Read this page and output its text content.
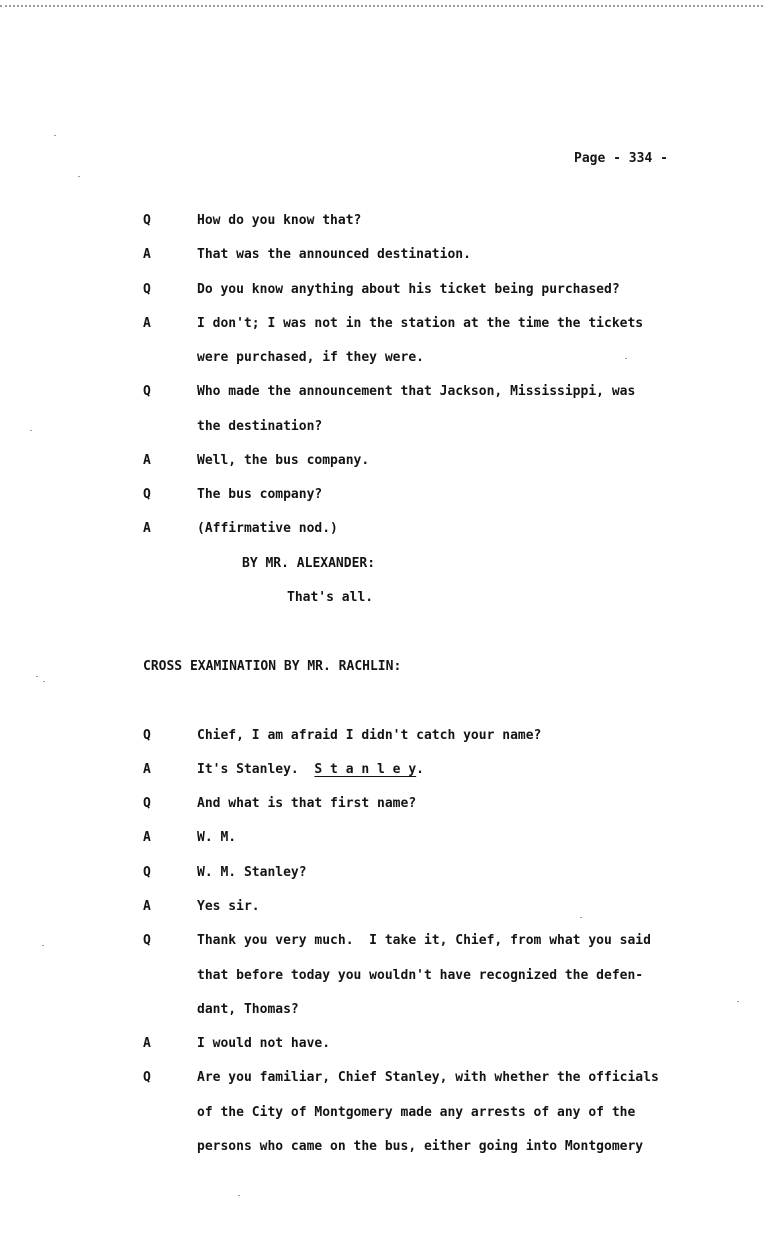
Page - 334 -

Q

	How do you know that?

A

	That was the announced destination.

Q

	Do you know anything about his ticket being purchased?

A

	I don't; I was not in the station at the time the tickets

were purchased, if they were.

Q

	Who made the announcement that Jackson, Mississippi, was

the destination?

A

	Well, the bus company.

Q

	The bus company?

A

	(Affirmative nod.)

BY MR. ALEXANDER:

That's all.

CROSS EXAMINATION BY MR. RACHLIN:

Q

	Chief, I am afraid I didn't catch your name?

A

	It's Stanley. S t a n l e y.

Q

	And what is that first name?

A

	W. M.

Q

	W. M. Stanley?

A

	Yes sir.

Q

	Thank you very much.  I take it, Chief, from what you said

that before today you wouldn't have recognized the defen-

dant, Thomas?

A

	I would not have.

Q

	Are you familiar, Chief Stanley, with whether the officials

of the City of Montgomery made any arrests of any of the

persons who came on the bus, either going into Montgomery
